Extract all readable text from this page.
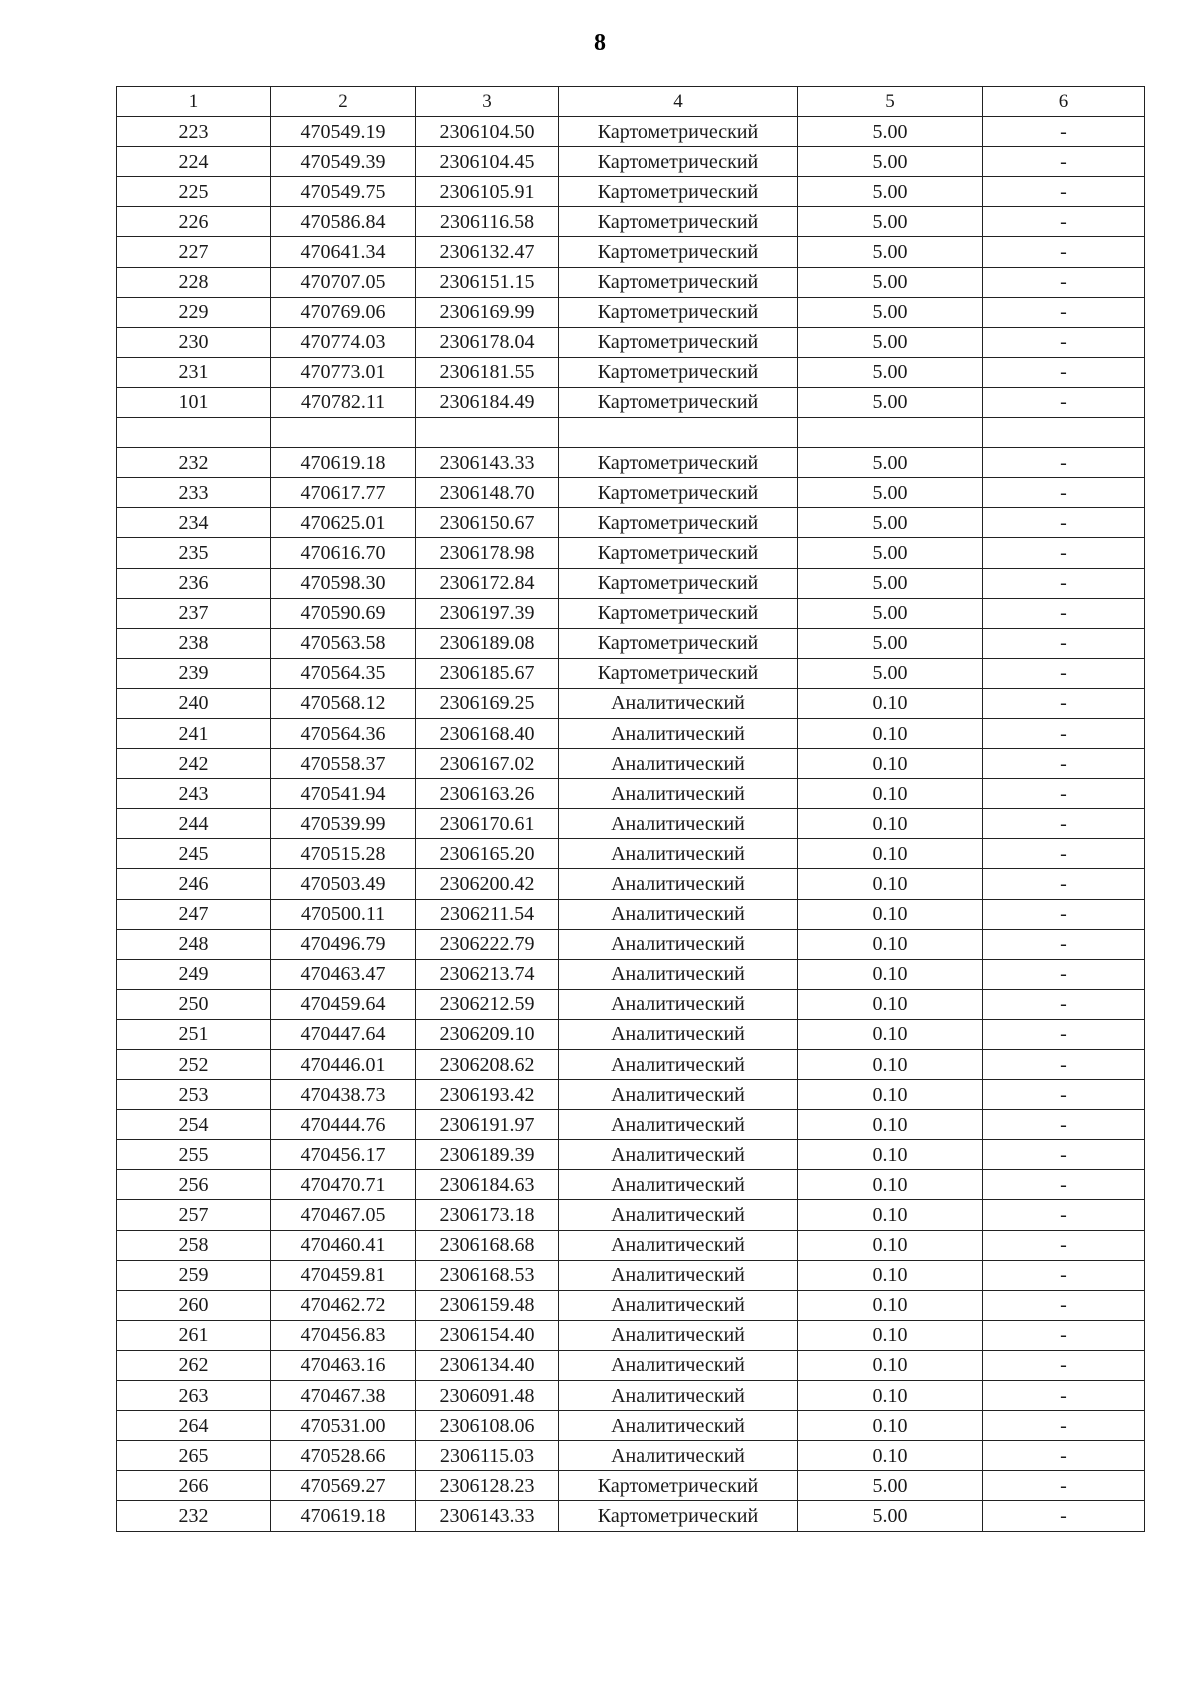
8
1	2	3	4	5	6
223	470549.19	2306104.50	Картометрический	5.00	-
224	470549.39	2306104.45	Картометрический	5.00	-
225	470549.75	2306105.91	Картометрический	5.00	-
226	470586.84	2306116.58	Картометрический	5.00	-
227	470641.34	2306132.47	Картометрический	5.00	-
228	470707.05	2306151.15	Картометрический	5.00	-
229	470769.06	2306169.99	Картометрический	5.00	-
230	470774.03	2306178.04	Картометрический	5.00	-
231	470773.01	2306181.55	Картометрический	5.00	-
101	470782.11	2306184.49	Картометрический	5.00	-

232	470619.18	2306143.33	Картометрический	5.00	-
233	470617.77	2306148.70	Картометрический	5.00	-
234	470625.01	2306150.67	Картометрический	5.00	-
235	470616.70	2306178.98	Картометрический	5.00	-
236	470598.30	2306172.84	Картометрический	5.00	-
237	470590.69	2306197.39	Картометрический	5.00	-
238	470563.58	2306189.08	Картометрический	5.00	-
239	470564.35	2306185.67	Картометрический	5.00	-
240	470568.12	2306169.25	Аналитический	0.10	-
241	470564.36	2306168.40	Аналитический	0.10	-
242	470558.37	2306167.02	Аналитический	0.10	-
243	470541.94	2306163.26	Аналитический	0.10	-
244	470539.99	2306170.61	Аналитический	0.10	-
245	470515.28	2306165.20	Аналитический	0.10	-
246	470503.49	2306200.42	Аналитический	0.10	-
247	470500.11	2306211.54	Аналитический	0.10	-
248	470496.79	2306222.79	Аналитический	0.10	-
249	470463.47	2306213.74	Аналитический	0.10	-
250	470459.64	2306212.59	Аналитический	0.10	-
251	470447.64	2306209.10	Аналитический	0.10	-
252	470446.01	2306208.62	Аналитический	0.10	-
253	470438.73	2306193.42	Аналитический	0.10	-
254	470444.76	2306191.97	Аналитический	0.10	-
255	470456.17	2306189.39	Аналитический	0.10	-
256	470470.71	2306184.63	Аналитический	0.10	-
257	470467.05	2306173.18	Аналитический	0.10	-
258	470460.41	2306168.68	Аналитический	0.10	-
259	470459.81	2306168.53	Аналитический	0.10	-
260	470462.72	2306159.48	Аналитический	0.10	-
261	470456.83	2306154.40	Аналитический	0.10	-
262	470463.16	2306134.40	Аналитический	0.10	-
263	470467.38	2306091.48	Аналитический	0.10	-
264	470531.00	2306108.06	Аналитический	0.10	-
265	470528.66	2306115.03	Аналитический	0.10	-
266	470569.27	2306128.23	Картометрический	5.00	-
232	470619.18	2306143.33	Картометрический	5.00	-
